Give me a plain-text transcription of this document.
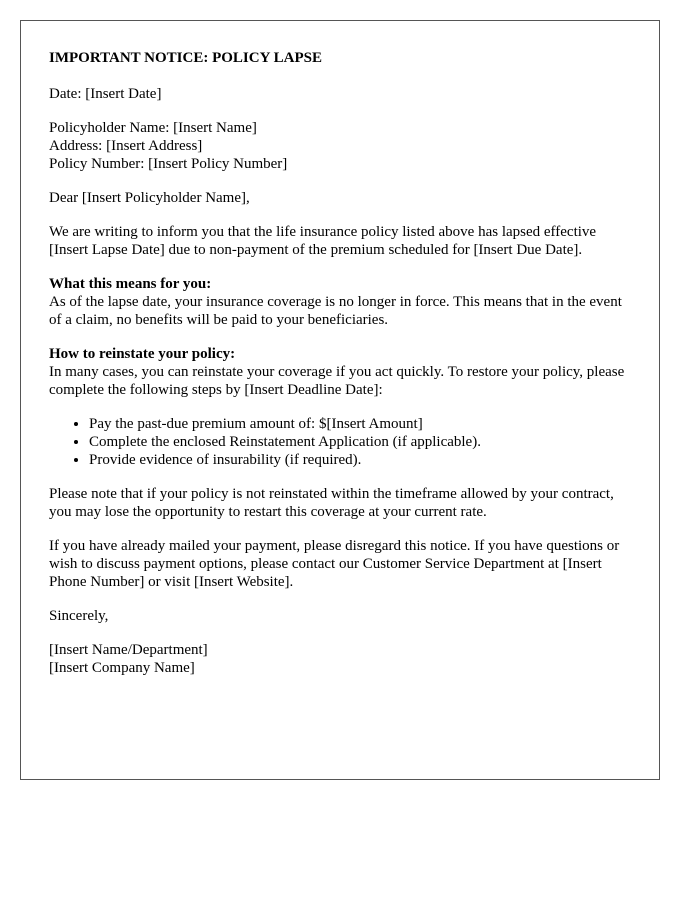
IMPORTANT NOTICE: POLICY LAPSE

Date: [Insert Date]

Policyholder Name: [Insert Name]
Address: [Insert Address]
Policy Number: [Insert Policy Number]

Dear [Insert Policyholder Name],

We are writing to inform you that the life insurance policy listed above has lapsed effective [Insert Lapse Date] due to non-payment of the premium scheduled for [Insert Due Date].

What this means for you:
As of the lapse date, your insurance coverage is no longer in force. This means that in the event of a claim, no benefits will be paid to your beneficiaries.

How to reinstate your policy:
In many cases, you can reinstate your coverage if you act quickly. To restore your policy, please complete the following steps by [Insert Deadline Date]:

• Pay the past-due premium amount of: $[Insert Amount]
• Complete the enclosed Reinstatement Application (if applicable).
• Provide evidence of insurability (if required).

Please note that if your policy is not reinstated within the timeframe allowed by your contract, you may lose the opportunity to restart this coverage at your current rate.

If you have already mailed your payment, please disregard this notice. If you have questions or wish to discuss payment options, please contact our Customer Service Department at [Insert Phone Number] or visit [Insert Website].

Sincerely,

[Insert Name/Department]
[Insert Company Name]
